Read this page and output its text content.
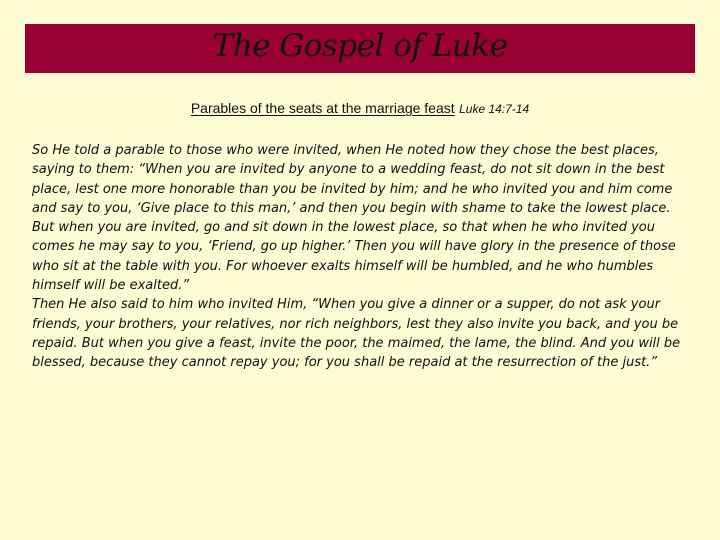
The Gospel of Luke
Parables of the seats at the marriage feast Luke 14:7-14

So He told a parable to those who were invited, when He noted how they chose the best places, saying to them: “When you are invited by anyone to a wedding feast, do not sit down in the best place, lest one more honorable than you be invited by him; and he who invited you and him come and say to you, ‘Give place to this man,’ and then you begin with shame to take the lowest place. But when you are invited, go and sit down in the lowest place, so that when he who invited you comes he may say to you, ‘Friend, go up higher.’ Then you will have glory in the presence of those who sit at the table with you. For whoever exalts himself will be humbled, and he who humbles himself will be exalted.”

Then He also said to him who invited Him, “When you give a dinner or a supper, do not ask your friends, your brothers, your relatives, nor rich neighbors, lest they also invite you back, and you be repaid. But when you give a feast, invite the poor, the maimed, the lame, the blind. And you will be blessed, because they cannot repay you; for you shall be repaid at the resurrection of the just.”
